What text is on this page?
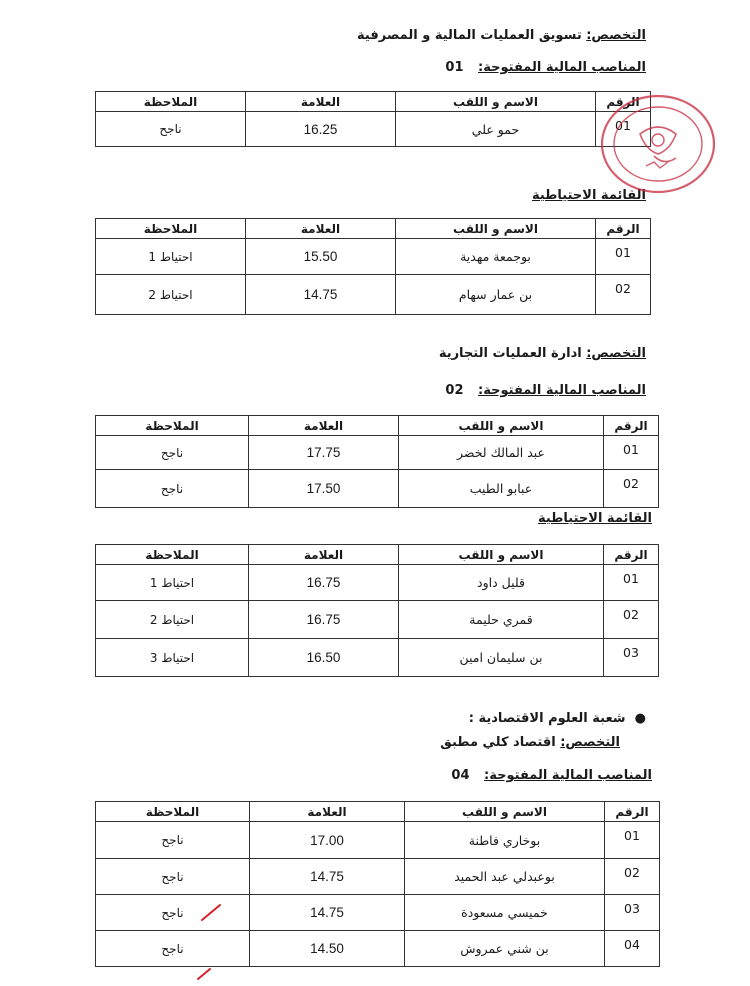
التخصص: تسويق العمليات المالية و المصرفية
المناصب المالية المفتوحة: 01
الرقم	الاسم و اللقب	العلامة	الملاحظة
01	حمو علي	16.25	ناجح
القائمة الاحتياطية
الرقم	الاسم و اللقب	العلامة	الملاحظة
01	بوجمعة مهدية	15.50	احتياط 1
02	بن عمار سهام	14.75	احتياط 2
التخصص: ادارة العمليات التجارية
المناصب المالية المفتوحة: 02
الرقم	الاسم و اللقب	العلامة	الملاحظة
01	عبد المالك لخضر	17.75	ناجح
02	عبابو الطيب	17.50	ناجح
القائمة الاحتياطية
الرقم	الاسم و اللقب	العلامة	الملاحظة
01	قليل داود	16.75	احتياط 1
02	قمري حليمة	16.75	احتياط 2
03	بن سليمان امين	16.50	احتياط 3
●  شعبة العلوم الاقتصادية :
التخصص: اقتصاد كلي مطبق
المناصب المالية المفتوحة: 04
الرقم	الاسم و اللقب	العلامة	الملاحظة
01	بوخاري فاطنة	17.00	ناجح
02	بوعبدلي عبد الحميد	14.75	ناجح
03	خميسي مسعودة	14.75	ناجح
04	بن شني عمروش	14.50	ناجح
